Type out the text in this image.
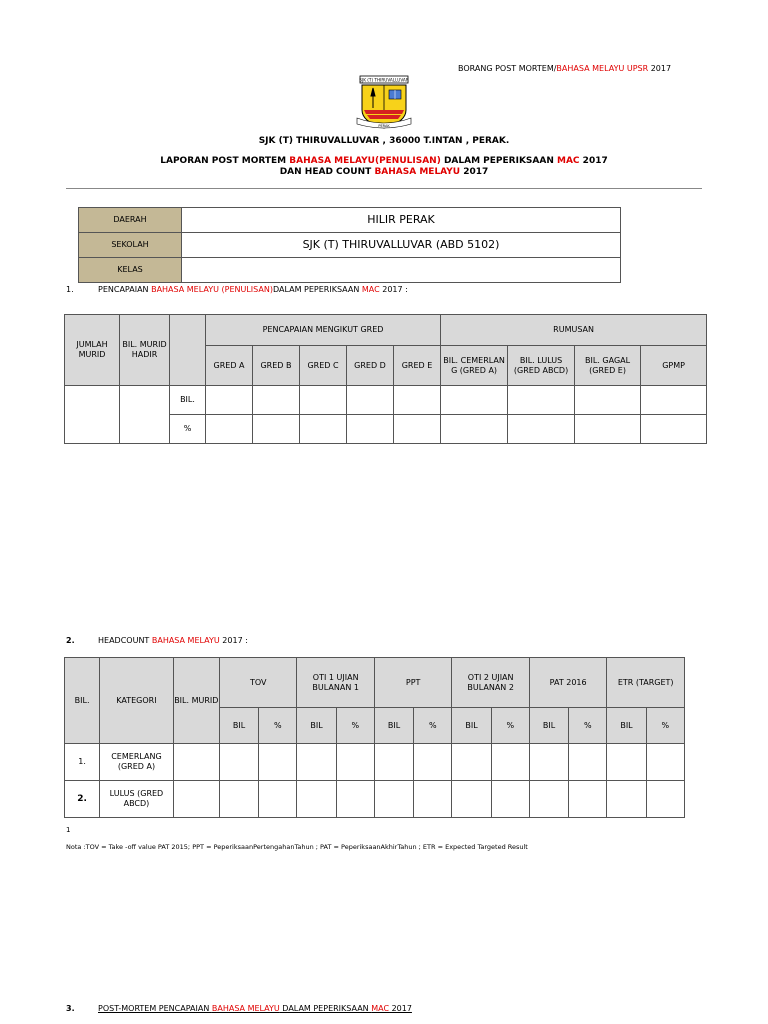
BORANG POST MORTEM/BAHASA MELAYU UPSR 2017
SJK (T) THIRUVALLUVAR
PERAK
SJK (T) THIRUVALLUVAR , 36000 T.INTAN , PERAK.
LAPORAN POST MORTEM BAHASA MELAYU(PENULISAN) DALAM PEPERIKSAAN MAC 2017
DAN HEAD COUNT BAHASA MELAYU 2017
DAERAH	HILIR PERAK
SEKOLAH	SJK (T) THIRUVALLUVAR (ABD 5102)
KELAS	
1.	PENCAPAIAN BAHASA MELAYU (PENULISAN)DALAM PEPERIKSAAN MAC 2017 :
JUMLAH MURID	BIL. MURID HADIR		PENCAPAIAN MENGIKUT GRED					RUMUSAN			
			GRED A	GRED B	GRED C	GRED D	GRED E	BIL. CEMERLAN G (GRED A)	BIL. LULUS (GRED ABCD)	BIL. GAGAL (GRED E)	GPMP
		BIL.									
		%									
2.	HEADCOUNT BAHASA MELAYU 2017 :
BIL.	KATEGORI	BIL. MURID	TOV		OTI 1 UJIAN BULANAN 1		PPT		OTI 2 UJIAN BULANAN 2		PAT 2016		ETR (TARGET)	
			BIL	%	BIL	%	BIL	%	BIL	%	BIL	%	BIL	%
1.	CEMERLANG (GRED A)													
2.	LULUS (GRED ABCD)													
1
Nota :TOV = Take -off value PAT 2015; PPT = PeperiksaanPertengahanTahun ; PAT = PeperiksaanAkhirTahun ; ETR = Expected Targeted Result
3.	POST-MORTEM PENCAPAIAN BAHASA MELAYU DALAM PEPERIKSAAN MAC 2017
